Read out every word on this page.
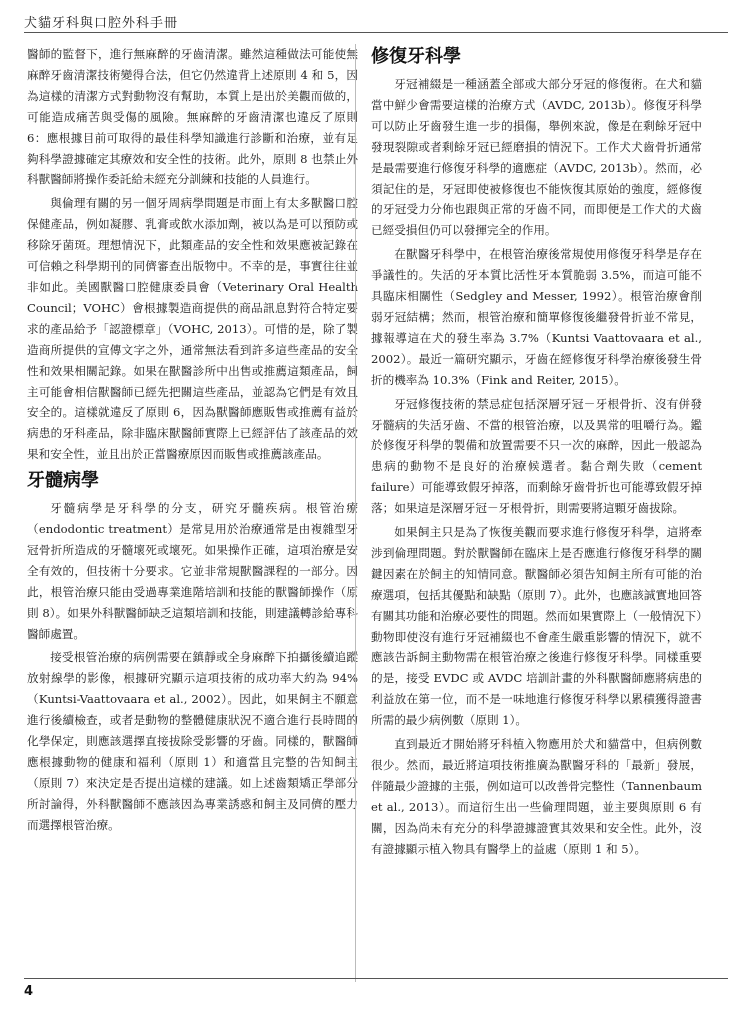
犬貓牙科與口腔外科手冊

醫師的監督下，進行無麻醉的牙齒清潔。雖然這種做法可能使無麻醉牙齒清潔技術變得合法，但它仍然違背上述原則 4 和 5，因為這樣的清潔方式對動物沒有幫助，本質上是出於美觀而做的，可能造成痛苦與受傷的風險。無麻醉的牙齒清潔也違反了原則 6：應根據目前可取得的最佳科學知識進行診斷和治療，並有足夠科學證據確定其療效和安全性的技術。此外，原則 8 也禁止外科獸醫師將操作委託給未經充分訓練和技能的人員進行。

與倫理有關的另一個牙周病學問題是市面上有太多獸醫口腔保健產品，例如凝膠、乳膏或飲水添加劑，被以為是可以預防或移除牙菌斑。理想情況下，此類產品的安全性和效果應被記錄在可信賴之科學期刊的同儕審查出版物中。不幸的是，事實往往並非如此。美國獸醫口腔健康委員會（Veterinary Oral Health Council；VOHC）會根據製造商提供的商品訊息對符合特定要求的產品給予「認證標章」（VOHC, 2013）。可惜的是，除了製造商所提供的宣傳文字之外，通常無法看到許多這些產品的安全性和效果相關記錄。如果在獸醫診所中出售或推薦這類產品，飼主可能會相信獸醫師已經先把關這些產品，並認為它們是有效且安全的。這樣就違反了原則 6，因為獸醫師應販售或推薦有益於病患的牙科產品，除非臨床獸醫師實際上已經評估了該產品的效果和安全性，並且出於正當醫療原因而販售或推薦該產品。

牙髓病學

牙髓病學是牙科學的分支，研究牙髓疾病。根管治療（endodontic treatment）是常見用於治療通常是由複雜型牙冠骨折所造成的牙髓壞死或壞死。如果操作正確，這項治療是安全有效的，但技術十分要求。它並非常規獸醫課程的一部分。因此，根管治療只能由受過專業進階培訓和技能的獸醫師操作（原則 8）。如果外科獸醫師缺乏這類培訓和技能，則建議轉診給專科醫師處置。

接受根管治療的病例需要在鎮靜或全身麻醉下拍攝後續追蹤放射線學的影像，根據研究顯示這項技術的成功率大約為 94%（Kuntsi-Vaattovaara et al., 2002）。因此，如果飼主不願意進行後續檢查，或者是動物的整體健康狀況不適合進行長時間的化學保定，則應該選擇直接拔除受影響的牙齒。同樣的，獸醫師應根據動物的健康和福利（原則 1）和適當且完整的告知飼主（原則 7）來決定是否提出這樣的建議。如上述齒類矯正學部分所討論得，外科獸醫師不應該因為專業誘惑和飼主及同儕的壓力而選擇根管治療。

修復牙科學

牙冠補綴是一種涵蓋全部或大部分牙冠的修復術。在犬和貓當中鮮少會需要這樣的治療方式（AVDC, 2013b）。修復牙科學可以防止牙齒發生進一步的損傷，舉例來說，像是在剩餘牙冠中發現裂隙或者剩餘牙冠已經磨損的情況下。工作犬犬齒骨折通常是最需要進行修復牙科學的適應症（AVDC, 2013b）。然而，必須記住的是，牙冠即使被修復也不能恢復其原始的強度，經修復的牙冠受力分佈也跟與正常的牙齒不同，而即便是工作犬的犬齒已經受損但仍可以發揮完全的作用。

在獸醫牙科學中，在根管治療後常規使用修復牙科學是存在爭議性的。失活的牙本質比活性牙本質脆弱 3.5%，而這可能不具臨床相關性（Sedgley and Messer, 1992）。根管治療會削弱牙冠結構；然而，根管治療和簡單修復後繼發骨折並不常見，據報導這在犬的發生率為 3.7%（Kuntsi Vaattovaara et al., 2002）。最近一篇研究顯示，牙齒在經修復牙科學治療後發生骨折的機率為 10.3%（Fink and Reiter, 2015）。

牙冠修復技術的禁忌症包括深層牙冠－牙根骨折、沒有併發牙髓病的失活牙齒、不當的根管治療，以及異常的咀嚼行為。鑑於修復牙科學的製備和放置需要不只一次的麻醉，因此一般認為患病的動物不是良好的治療候選者。黏合劑失敗（cement failure）可能導致假牙掉落，而剩餘牙齒骨折也可能導致假牙掉落；如果這是深層牙冠－牙根骨折，則需要將這顆牙齒拔除。

如果飼主只是為了恢復美觀而要求進行修復牙科學，這將牽涉到倫理問題。對於獸醫師在臨床上是否應進行修復牙科學的關鍵因素在於飼主的知情同意。獸醫師必須告知飼主所有可能的治療選項，包括其優點和缺點（原則 7）。此外，也應該誠實地回答有關其功能和治療必要性的問題。然而如果實際上（一般情況下）動物即使沒有進行牙冠補綴也不會產生嚴重影響的情況下，就不應該告訴飼主動物需在根管治療之後進行修復牙科學。同樣重要的是，接受 EVDC 或 AVDC 培訓計畫的外科獸醫師應將病患的利益放在第一位，而不是一味地進行修復牙科學以累積獲得證書所需的最少病例數（原則 1）。

直到最近才開始將牙科植入物應用於犬和貓當中，但病例數很少。然而，最近將這項技術推廣為獸醫牙科的「最新」發展，伴隨最少證據的主張，例如這可以改善骨完整性（Tannenbaum et al., 2013）。而這衍生出一些倫理問題，並主要與原則 6 有關，因為尚未有充分的科學證據證實其效果和安全性。此外，沒有證據顯示植入物具有醫學上的益處（原則 1 和 5）。

4
